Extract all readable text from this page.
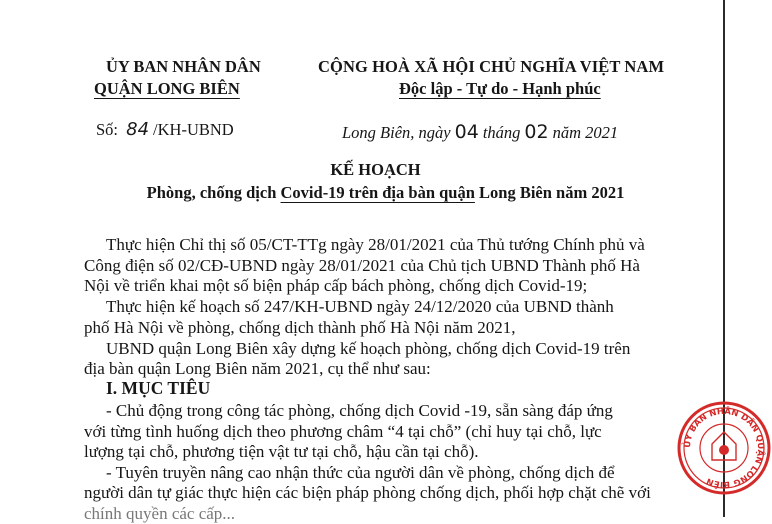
ỦY BAN NHÂN DÂN
QUẬN LONG BIÊN
CỘNG HOÀ XÃ HỘI CHỦ NGHĨA VIỆT NAM
Độc lập - Tự do - Hạnh phúc
Số: 84 /KH-UBND	Long Biên, ngày 04 tháng 02 năm 2021
KẾ HOẠCH
Phòng, chống dịch Covid-19 trên địa bàn quận Long Biên năm 2021
Thực hiện Chỉ thị số 05/CT-TTg ngày 28/01/2021 của Thủ tướng Chính phủ và
Công điện số 02/CĐ-UBND ngày 28/01/2021 của Chủ tịch UBND Thành phố Hà
Nội về triển khai một số biện pháp cấp bách phòng, chống dịch Covid-19;
Thực hiện kế hoạch số 247/KH-UBND ngày 24/12/2020 của UBND thành
phố Hà Nội về phòng, chống dịch thành phố Hà Nội năm 2021,
UBND quận Long Biên xây dựng kế hoạch phòng, chống dịch Covid-19 trên
địa bàn quận Long Biên năm 2021, cụ thể như sau:
I. MỤC TIÊU
- Chủ động trong công tác phòng, chống dịch Covid -19, sẵn sàng đáp ứng
với từng tình huống dịch theo phương châm “4 tại chỗ” (chỉ huy tại chỗ, lực
lượng tại chỗ, phương tiện vật tư tại chỗ, hậu cần tại chỗ).
- Tuyên truyền nâng cao nhận thức của người dân về phòng, chống dịch để
người dân tự giác thực hiện các biện pháp phòng chống dịch, phối hợp chặt chẽ với
chính quyền các cấp...
ỦY BAN NHÂN DÂN QUẬN LONG BIÊN
